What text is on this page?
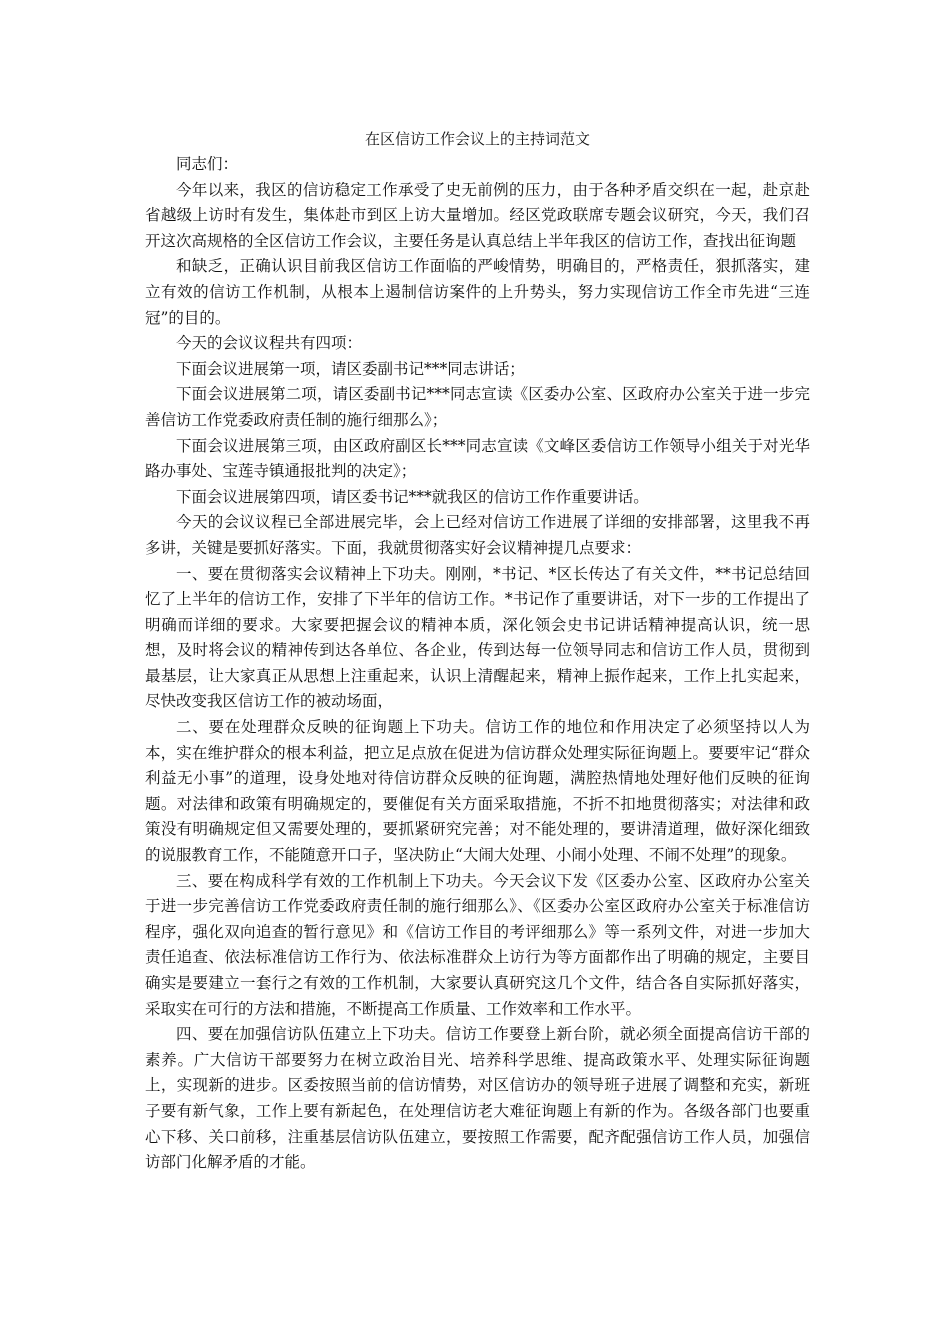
在区信访工作会议上的主持词范文

同志们：

今年以来，我区的信访稳定工作承受了史无前例的压力，由于各种矛盾交织在一起，赴京赴省越级上访时有发生，集体赴市到区上访大量增加。经区党政联席专题会议研究，今天，我们召开这次高规格的全区信访工作会议，主要任务是认真总结上半年我区的信访工作，查找出征询题

和缺乏，正确认识目前我区信访工作面临的严峻情势，明确目的，严格责任，狠抓落实，建立有效的信访工作机制，从根本上遏制信访案件的上升势头，努力实现信访工作全市先进“三连冠”的目的。

今天的会议议程共有四项：

下面会议进展第一项，请区委副书记***同志讲话；

下面会议进展第二项，请区委副书记***同志宣读《区委办公室、区政府办公室关于进一步完善信访工作党委政府责任制的施行细那么》；

下面会议进展第三项，由区政府副区长***同志宣读《文峰区委信访工作领导小组关于对光华路办事处、宝莲寺镇通报批判的决定》；

下面会议进展第四项，请区委书记***就我区的信访工作作重要讲话。

今天的会议议程已全部进展完毕，会上已经对信访工作进展了详细的安排部署，这里我不再多讲，关键是要抓好落实。下面，我就贯彻落实好会议精神提几点要求：

一、要在贯彻落实会议精神上下功夫。刚刚，*书记、*区长传达了有关文件，**书记总结回忆了上半年的信访工作，安排了下半年的信访工作。*书记作了重要讲话，对下一步的工作提出了明确而详细的要求。大家要把握会议的精神本质，深化领会史书记讲话精神提高认识，统一思想，及时将会议的精神传到达各单位、各企业，传到达每一位领导同志和信访工作人员，贯彻到最基层，让大家真正从思想上注重起来，认识上清醒起来，精神上振作起来，工作上扎实起来，尽快改变我区信访工作的被动场面，

二、要在处理群众反映的征询题上下功夫。信访工作的地位和作用决定了必须坚持以人为本，实在维护群众的根本利益，把立足点放在促进为信访群众处理实际征询题上。要要牢记“群众利益无小事”的道理，设身处地对待信访群众反映的征询题，满腔热情地处理好他们反映的征询题。对法律和政策有明确规定的，要催促有关方面采取措施，不折不扣地贯彻落实；对法律和政策没有明确规定但又需要处理的，要抓紧研究完善；对不能处理的，要讲清道理，做好深化细致的说服教育工作，不能随意开口子，坚决防止“大闹大处理、小闹小处理、不闹不处理”的现象。

三、要在构成科学有效的工作机制上下功夫。今天会议下发《区委办公室、区政府办公室关于进一步完善信访工作党委政府责任制的施行细那么》、《区委办公室区政府办公室关于标准信访程序，强化双向追查的暂行意见》和《信访工作目的考评细那么》等一系列文件，对进一步加大责任追查、依法标准信访工作行为、依法标准群众上访行为等方面都作出了明确的规定，主要目确实是要建立一套行之有效的工作机制，大家要认真研究这几个文件，结合各自实际抓好落实，采取实在可行的方法和措施，不断提高工作质量、工作效率和工作水平。

四、要在加强信访队伍建立上下功夫。信访工作要登上新台阶，就必须全面提高信访干部的素养。广大信访干部要努力在树立政治目光、培养科学思维、提高政策水平、处理实际征询题上，实现新的进步。区委按照当前的信访情势，对区信访办的领导班子进展了调整和充实，新班子要有新气象，工作上要有新起色，在处理信访老大难征询题上有新的作为。各级各部门也要重心下移、关口前移，注重基层信访队伍建立，要按照工作需要，配齐配强信访工作人员，加强信访部门化解矛盾的才能。
